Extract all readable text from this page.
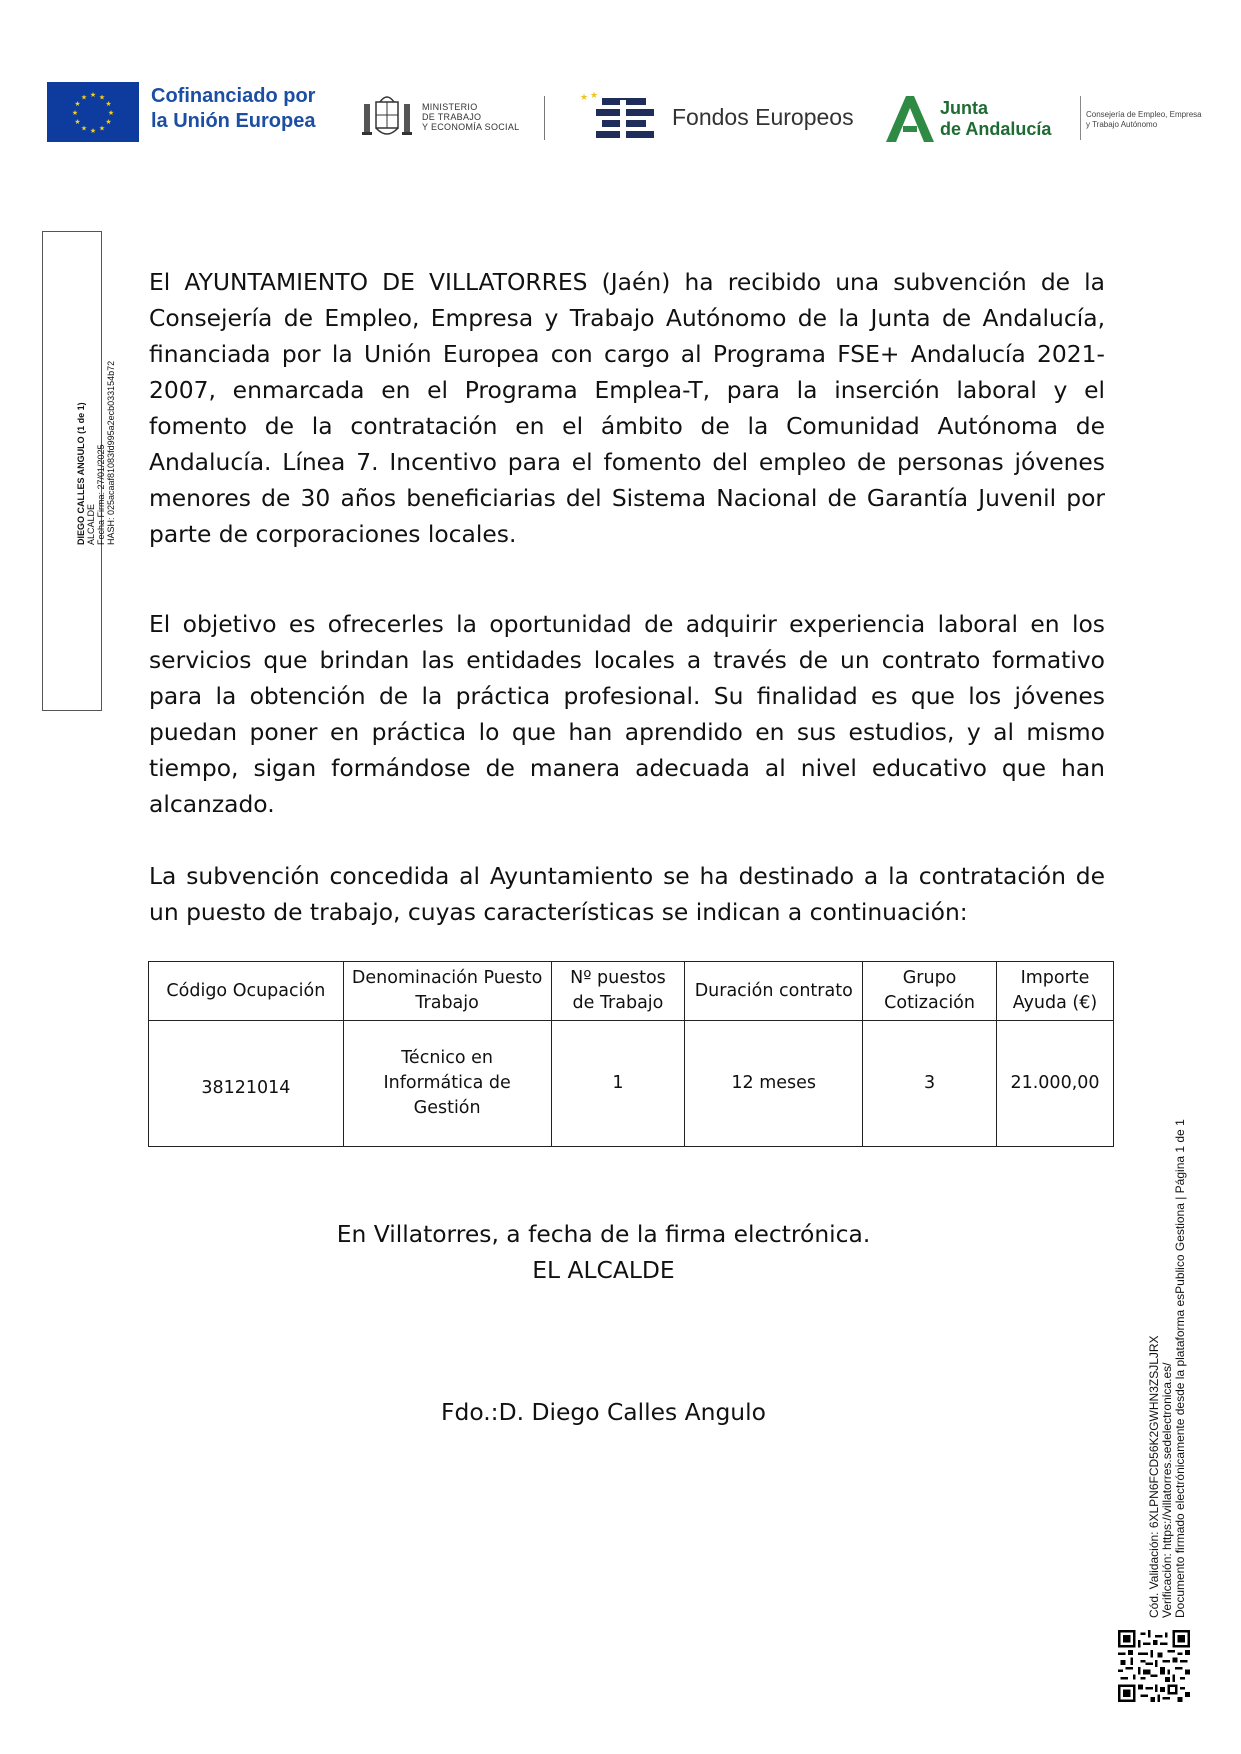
★ ★
★
★
★
★
★
★
★
★
★
★	Cofinanciado por
la Unión Europea
MINISTERIO
DE TRABAJO
Y ECONOMÍA SOCIAL
★ ★
Fondos Europeos	Junta
de Andalucía
Consejería de Empleo, Empresa
y Trabajo Autónomo
DIEGO CALLES ANGULO (1 de 1) ALCALDE Fecha Firma: 27/01/2025 HASH: 025acaaf81083fd995a2ecb033154b72

El AYUNTAMIENTO DE VILLATORRES (Jaén) ha recibido una subvención de la Consejería de Empleo, Empresa y Trabajo Autónomo de la Junta de Andalucía, financiada por la Unión Europea con cargo al Programa FSE+ Andalucía 2021-2007, enmarcada en el Programa Emplea-T, para la inserción laboral y el fomento de la contratación en el ámbito de la Comunidad Autónoma de Andalucía. Línea 7. Incentivo para el fomento del empleo de personas jóvenes menores de 30 años beneficiarias del Sistema Nacional de Garantía Juvenil por parte de corporaciones locales.

El objetivo es ofrecerles la oportunidad de adquirir experiencia laboral en los servicios que brindan las entidades locales a través de un contrato formativo para la obtención de la práctica profesional. Su finalidad es que los jóvenes puedan poner en práctica lo que han aprendido en sus estudios, y al mismo tiempo, sigan formándose de manera adecuada al nivel educativo que han alcanzado.

La subvención concedida al Ayuntamiento se ha destinado a la contratación de un puesto de trabajo, cuyas características se indican a continuación:

Código Ocupación	Denominación Puesto Trabajo	Nº puestos de Trabajo	Duración contrato	Grupo Cotización	Importe Ayuda (€)
38121014	Técnico en Informática de Gestión	1	12 meses	3	21.000,00
En Villatorres, a fecha de la firma electrónica.
EL ALCALDE
Fdo.:D. Diego Calles Angulo	Cód. Validación: 6XLPN6FCD56K2GWHN3ZSJLJRX Verificación: https://villatorres.sedelectronica.es/ Documento firmado electrónicamente desde la plataforma esPublico Gestiona | Página 1 de 1
